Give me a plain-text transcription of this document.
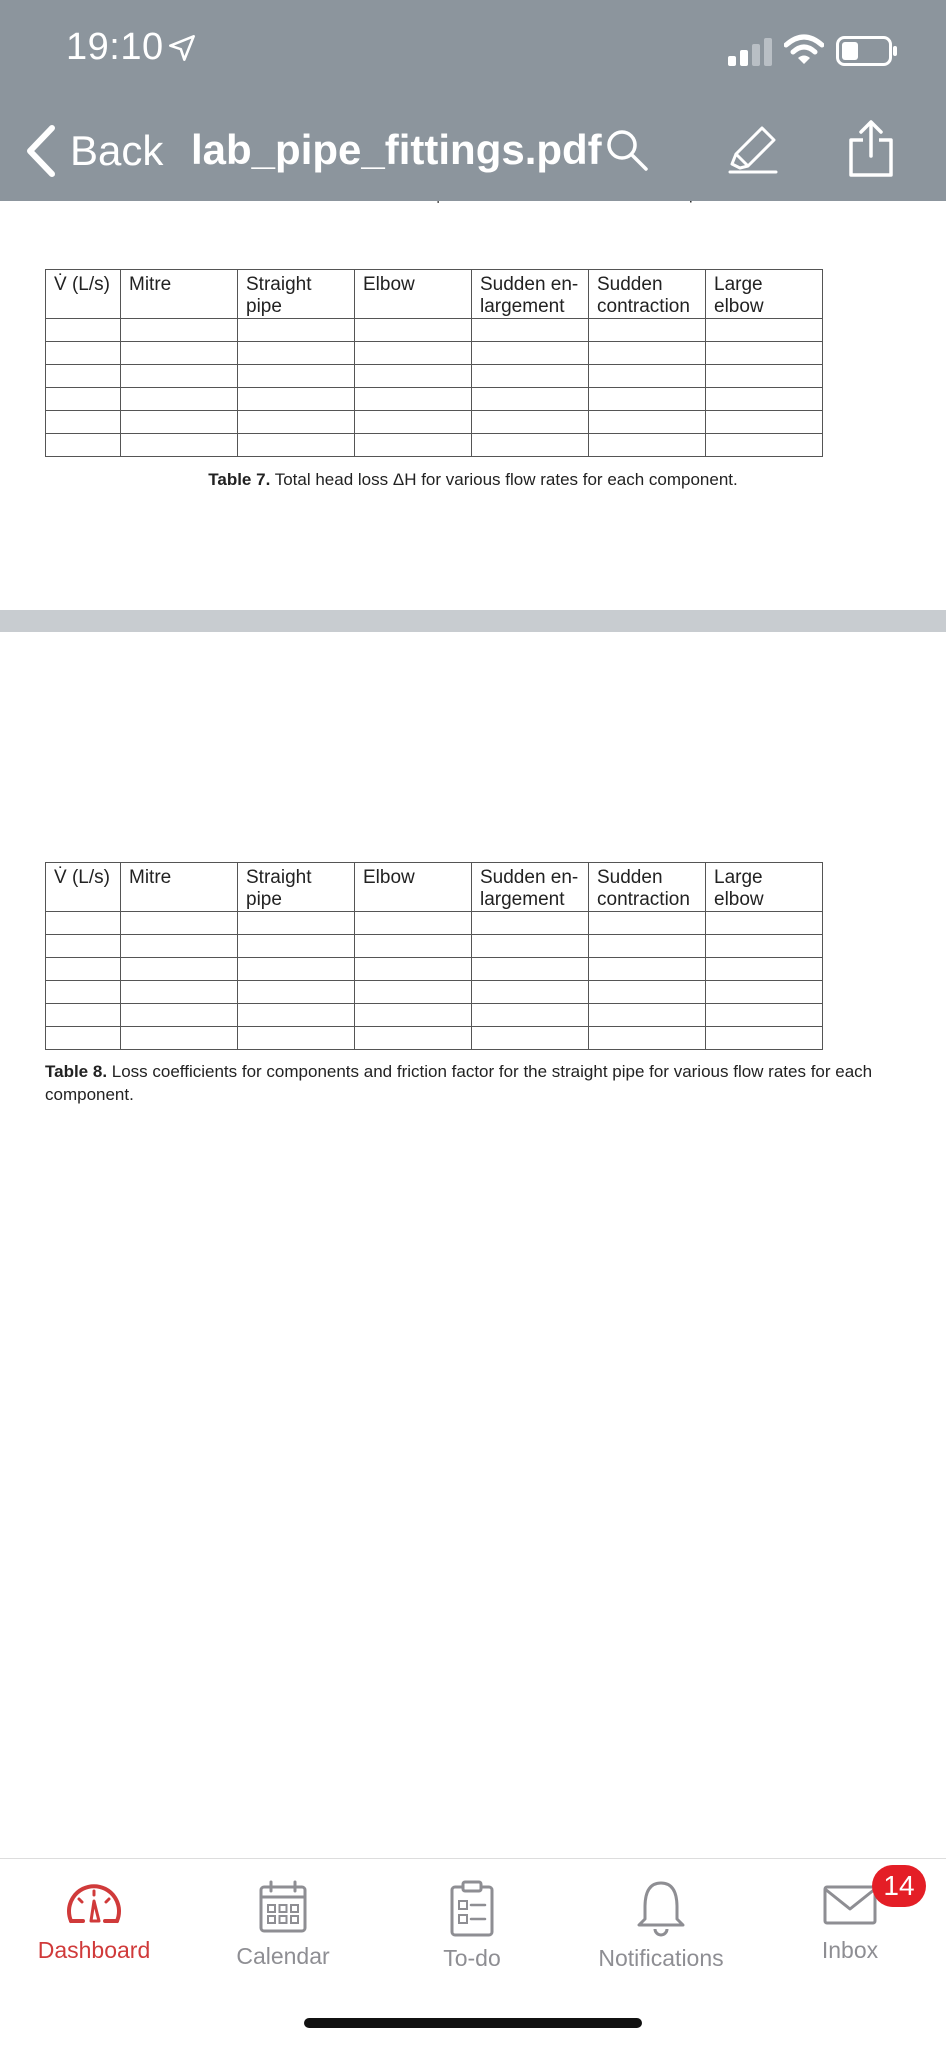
19:10
Back lab_pipe_fittings.pdf
V̇ (L/s)	Mitre	Straight pipe	Elbow	Sudden en-largement	Sudden contraction	Large elbow

Table 7. Total head loss ΔH for various flow rates for each component.
V̇ (L/s)	Mitre	Straight pipe	Elbow	Sudden en-largement	Sudden contraction	Large elbow

Table 8. Loss coefficients for components and friction factor for the straight pipe for various flow rates for each component.
Dashboard	Calendar	To-do	Notifications	Inbox
14
